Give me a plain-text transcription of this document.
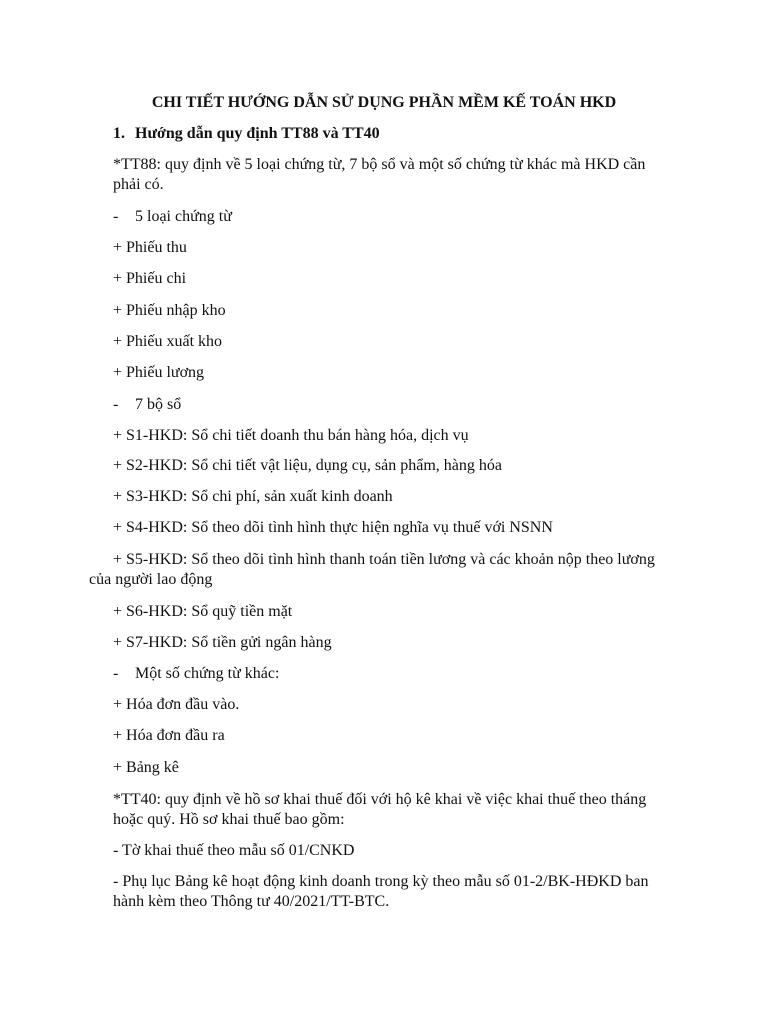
CHI TIẾT HƯỚNG DẪN SỬ DỤNG PHẦN MỀM KẾ TOÁN HKD

1. Hướng dẫn quy định TT88 và TT40

*TT88: quy định về 5 loại chứng từ, 7 bộ sổ và một số chứng từ khác mà HKD cần phải có.

- 5 loại chứng từ

+ Phiếu thu

+ Phiếu chi

+ Phiếu nhập kho

+ Phiếu xuất kho

+ Phiếu lương

- 7 bộ sổ

+ S1-HKD: Sổ chi tiết doanh thu bán hàng hóa, dịch vụ

+ S2-HKD: Sổ chi tiết vật liệu, dụng cụ, sản phẩm, hàng hóa

+ S3-HKD: Sổ chi phí, sản xuất kinh doanh

+ S4-HKD: Sổ theo dõi tình hình thực hiện nghĩa vụ thuế với NSNN

+ S5-HKD: Sổ theo dõi tình hình thanh toán tiền lương và các khoản nộp theo lương của người lao động

+ S6-HKD: Sổ quỹ tiền mặt

+ S7-HKD: Sổ tiền gửi ngân hàng

- Một số chứng từ khác:

+ Hóa đơn đầu vào.

+ Hóa đơn đầu ra

+ Bảng kê

*TT40: quy định về hồ sơ khai thuế đối với hộ kê khai về việc khai thuế theo tháng hoặc quý. Hồ sơ khai thuế bao gồm:

- Tờ khai thuế theo mẫu số 01/CNKD

- Phụ lục Bảng kê hoạt động kinh doanh trong kỳ theo mẫu số 01-2/BK-HĐKD ban hành kèm theo Thông tư 40/2021/TT-BTC.
